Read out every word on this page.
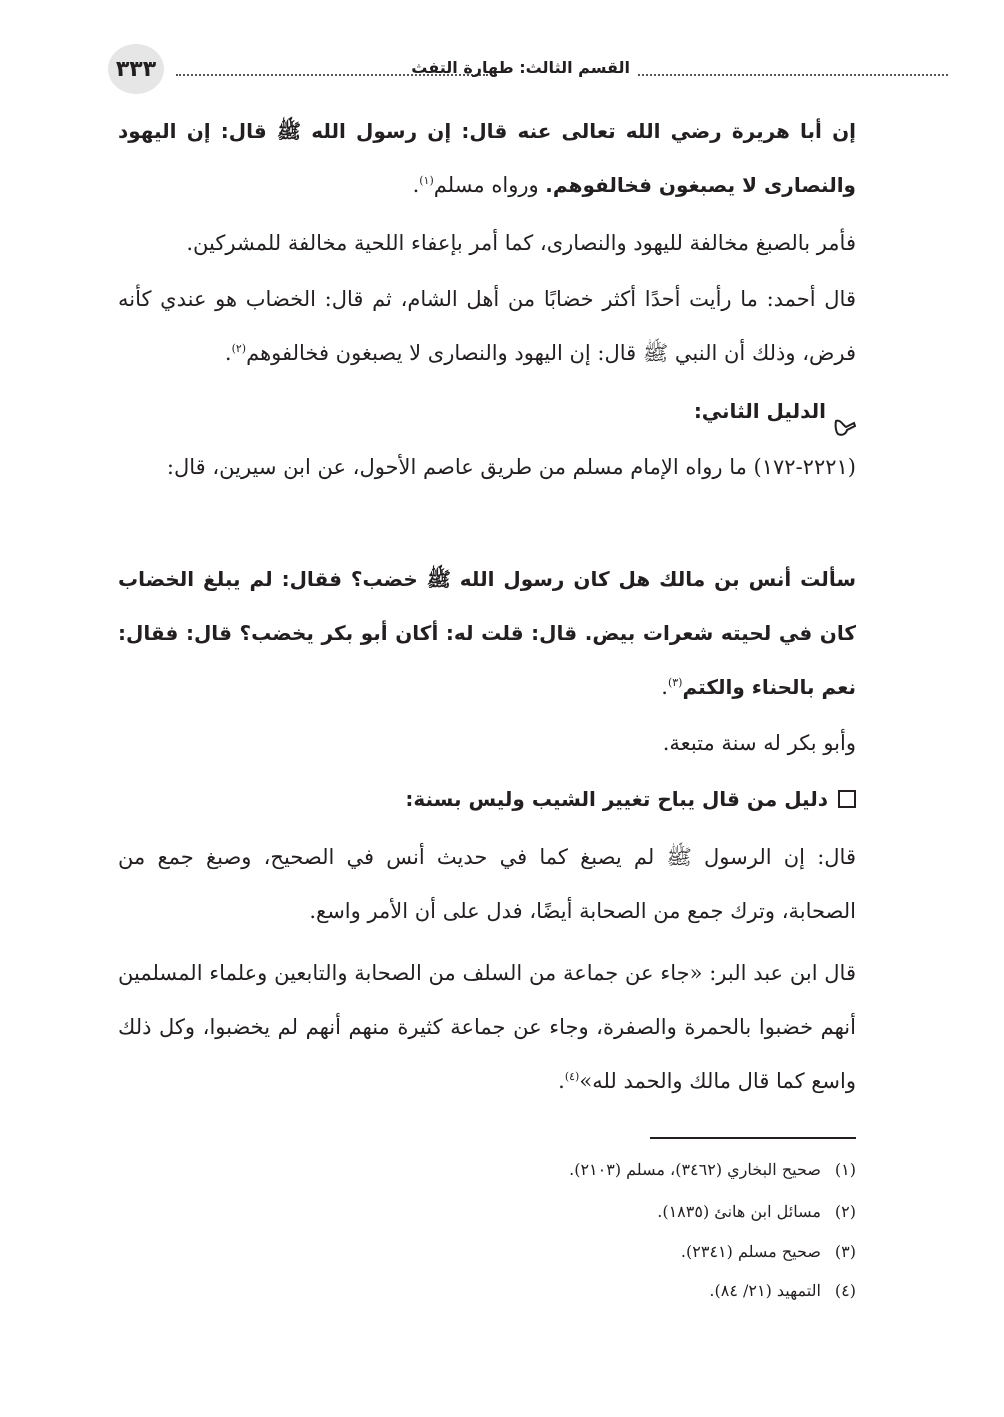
٣٣٣	القسم الثالث: طهارة التفث
إن أبا هريرة رضي الله تعالى عنه قال: إن رسول الله ﷺ قال: إن اليهود والنصارى لا يصبغون فخالفوهم. ورواه مسلم$^{(١)}$.
فأمر بالصبغ مخالفة لليهود والنصارى، كما أمر بإعفاء اللحية مخالفة للمشركين.
قال أحمد: ما رأيت أحدًا أكثر خضابًا من أهل الشام، ثم قال: الخضاب هو عندي كأنه فرض، وذلك أن النبي ﷺ قال: إن اليهود والنصارى لا يصبغون فخالفوهم$^{(٢)}$.
الدليل الثاني:
(٢٢٢١-١٧٢) ما رواه الإمام مسلم من طريق عاصم الأحول، عن ابن سيرين، قال:
سألت أنس بن مالك هل كان رسول الله ﷺ خضب؟ فقال: لم يبلغ الخضاب كان في لحيته شعرات بيض. قال: قلت له: أكان أبو بكر يخضب؟ قال: فقال: نعم بالحناء والكتم$^{(٣)}$.
وأبو بكر له سنة متبعة.
دليل من قال يباح تغيير الشيب وليس بسنة:
قال: إن الرسول ﷺ لم يصبغ كما في حديث أنس في الصحيح، وصبغ جمع من الصحابة، وترك جمع من الصحابة أيضًا، فدل على أن الأمر واسع.
قال ابن عبد البر: «جاء عن جماعة من السلف من الصحابة والتابعين وعلماء المسلمين أنهم خضبوا بالحمرة والصفرة، وجاء عن جماعة كثيرة منهم أنهم لم يخضبوا، وكل ذلك واسع كما قال مالك والحمد لله»$^{(٤)}$.
(١)صحيح البخاري (٣٤٦٢)، مسلم (٢١٠٣).
(٢)مسائل ابن هانئ (١٨٣٥).
(٣)صحيح مسلم (٢٣٤١).
(٤)التمهيد (٢١/ ٨٤).
